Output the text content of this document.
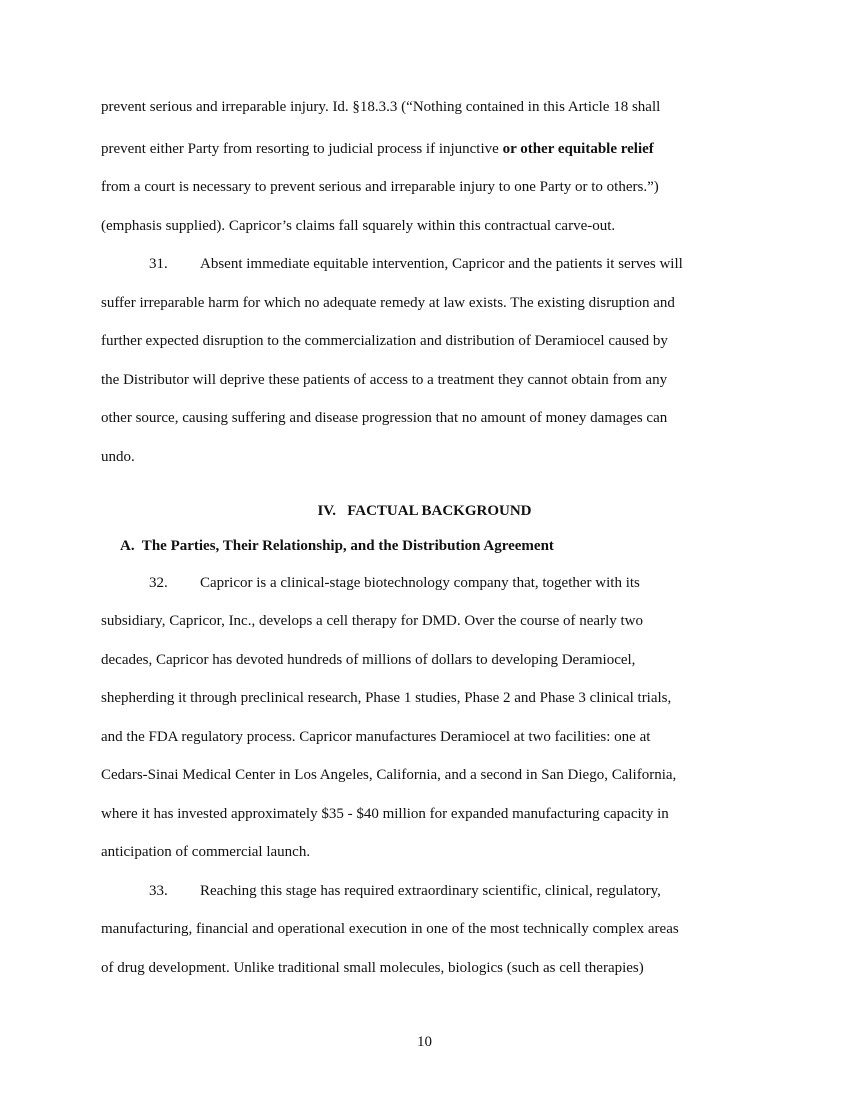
prevent serious and irreparable injury. Id. §18.3.3 (“Nothing contained in this Article 18 shall
prevent either Party from resorting to judicial process if injunctive or other equitable relief
from a court is necessary to prevent serious and irreparable injury to one Party or to others.”)
(emphasis supplied). Capricor’s claims fall squarely within this contractual carve-out.
31. Absent immediate equitable intervention, Capricor and the patients it serves will
suffer irreparable harm for which no adequate remedy at law exists. The existing disruption and
further expected disruption to the commercialization and distribution of Deramiocel caused by
the Distributor will deprive these patients of access to a treatment they cannot obtain from any
other source, causing suffering and disease progression that no amount of money damages can
undo.
IV.   FACTUAL BACKGROUND
A.  The Parties, Their Relationship, and the Distribution Agreement
32. Capricor is a clinical-stage biotechnology company that, together with its
subsidiary, Capricor, Inc., develops a cell therapy for DMD. Over the course of nearly two
decades, Capricor has devoted hundreds of millions of dollars to developing Deramiocel,
shepherding it through preclinical research, Phase 1 studies, Phase 2 and Phase 3 clinical trials,
and the FDA regulatory process. Capricor manufactures Deramiocel at two facilities: one at
Cedars-Sinai Medical Center in Los Angeles, California, and a second in San Diego, California,
where it has invested approximately $35 - $40 million for expanded manufacturing capacity in
anticipation of commercial launch.
33. Reaching this stage has required extraordinary scientific, clinical, regulatory,
manufacturing, financial and operational execution in one of the most technically complex areas
of drug development. Unlike traditional small molecules, biologics (such as cell therapies)
10
